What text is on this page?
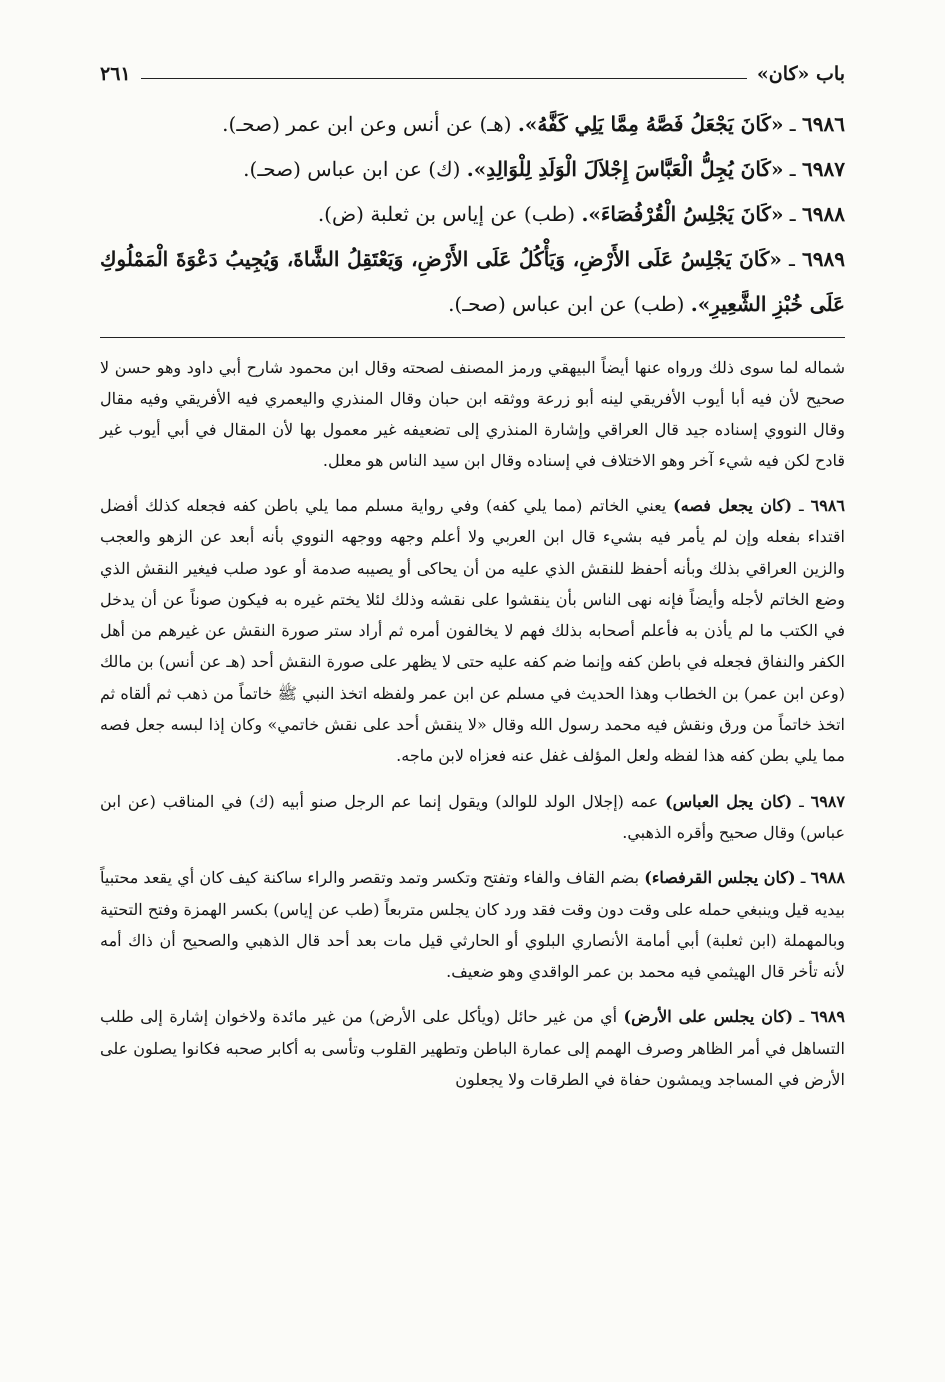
باب «كان»
٢٦١

٦٩٨٦ ـ «كَانَ يَجْعَلُ فَصَّهُ مِمَّا يَلِي كَفَّهُ». (هـ) عن أنس وعن ابن عمر (صحـ).

٦٩٨٧ ـ «كَانَ يُجِلُّ الْعَبَّاسَ إِجْلاَلَ الْوَلَدِ لِلْوَالِدِ». (ك) عن ابن عباس (صحـ).

٦٩٨٨ ـ «كَانَ يَجْلِسُ الْقُرْفُصَاءَ». (طب) عن إياس بن ثعلبة (ض).

٦٩٨٩ ـ «كَانَ يَجْلِسُ عَلَى الأَرْضِ، وَيَأْكُلُ عَلَى الأَرْضِ، وَيَعْتَقِلُ الشَّاةَ، وَيُجِيبُ دَعْوَةَ الْمَمْلُوكِ عَلَى خُبْزِ الشَّعِيرِ». (طب) عن ابن عباس (صحـ).

شماله لما سوى ذلك ورواه عنها أيضاً البيهقي ورمز المصنف لصحته وقال ابن محمود شارح أبي داود وهو حسن لا صحيح لأن فيه أبا أيوب الأفريقي لينه أبو زرعة ووثقه ابن حبان وقال المنذري واليعمري فيه الأفريقي وفيه مقال وقال النووي إسناده جيد قال العراقي وإشارة المنذري إلى تضعيفه غير معمول بها لأن المقال في أبي أيوب غير قادح لكن فيه شيء آخر وهو الاختلاف في إسناده وقال ابن سيد الناس هو معلل.

٦٩٨٦ ـ (كان يجعل فصه) يعني الخاتم (مما يلي كفه) وفي رواية مسلم مما يلي باطن كفه فجعله كذلك أفضل اقتداء بفعله وإن لم يأمر فيه بشيء قال ابن العربي ولا أعلم وجهه ووجهه النووي بأنه أبعد عن الزهو والعجب والزين العراقي بذلك وبأنه أحفظ للنقش الذي عليه من أن يحاكى أو يصيبه صدمة أو عود صلب فيغير النقش الذي وضع الخاتم لأجله وأيضاً فإنه نهى الناس بأن ينقشوا على نقشه وذلك لئلا يختم غيره به فيكون صوناً عن أن يدخل في الكتب ما لم يأذن به فأعلم أصحابه بذلك فهم لا يخالفون أمره ثم أراد ستر صورة النقش عن غيرهم من أهل الكفر والنفاق فجعله في باطن كفه وإنما ضم كفه عليه حتى لا يظهر على صورة النقش أحد (هـ عن أنس) بن مالك (وعن ابن عمر) بن الخطاب وهذا الحديث في مسلم عن ابن عمر ولفظه اتخذ النبي ﷺ خاتماً من ذهب ثم ألقاه ثم اتخذ خاتماً من ورق ونقش فيه محمد رسول الله وقال «لا ينقش أحد على نقش خاتمي» وكان إذا لبسه جعل فصه مما يلي بطن كفه هذا لفظه ولعل المؤلف غفل عنه فعزاه لابن ماجه.

٦٩٨٧ ـ (كان يجل العباس) عمه (إجلال الولد للوالد) ويقول إنما عم الرجل صنو أبيه (ك) في المناقب (عن ابن عباس) وقال صحيح وأقره الذهبي.

٦٩٨٨ ـ (كان يجلس القرفصاء) بضم القاف والفاء وتفتح وتكسر وتمد وتقصر والراء ساكنة كيف كان أي يقعد محتبياً بيديه قيل وينبغي حمله على وقت دون وقت فقد ورد كان يجلس متربعاً (طب عن إياس) بكسر الهمزة وفتح التحتية وبالمهملة (ابن ثعلبة) أبي أمامة الأنصاري البلوي أو الحارثي قيل مات بعد أحد قال الذهبي والصحيح أن ذاك أمه لأنه تأخر قال الهيثمي فيه محمد بن عمر الواقدي وهو ضعيف.

٦٩٨٩ ـ (كان يجلس على الأرض) أي من غير حائل (ويأكل على الأرض) من غير مائدة ولاخوان إشارة إلى طلب التساهل في أمر الظاهر وصرف الهمم إلى عمارة الباطن وتطهير القلوب وتأسى به أكابر صحبه فكانوا يصلون على الأرض في المساجد ويمشون حفاة في الطرقات ولا يجعلون
